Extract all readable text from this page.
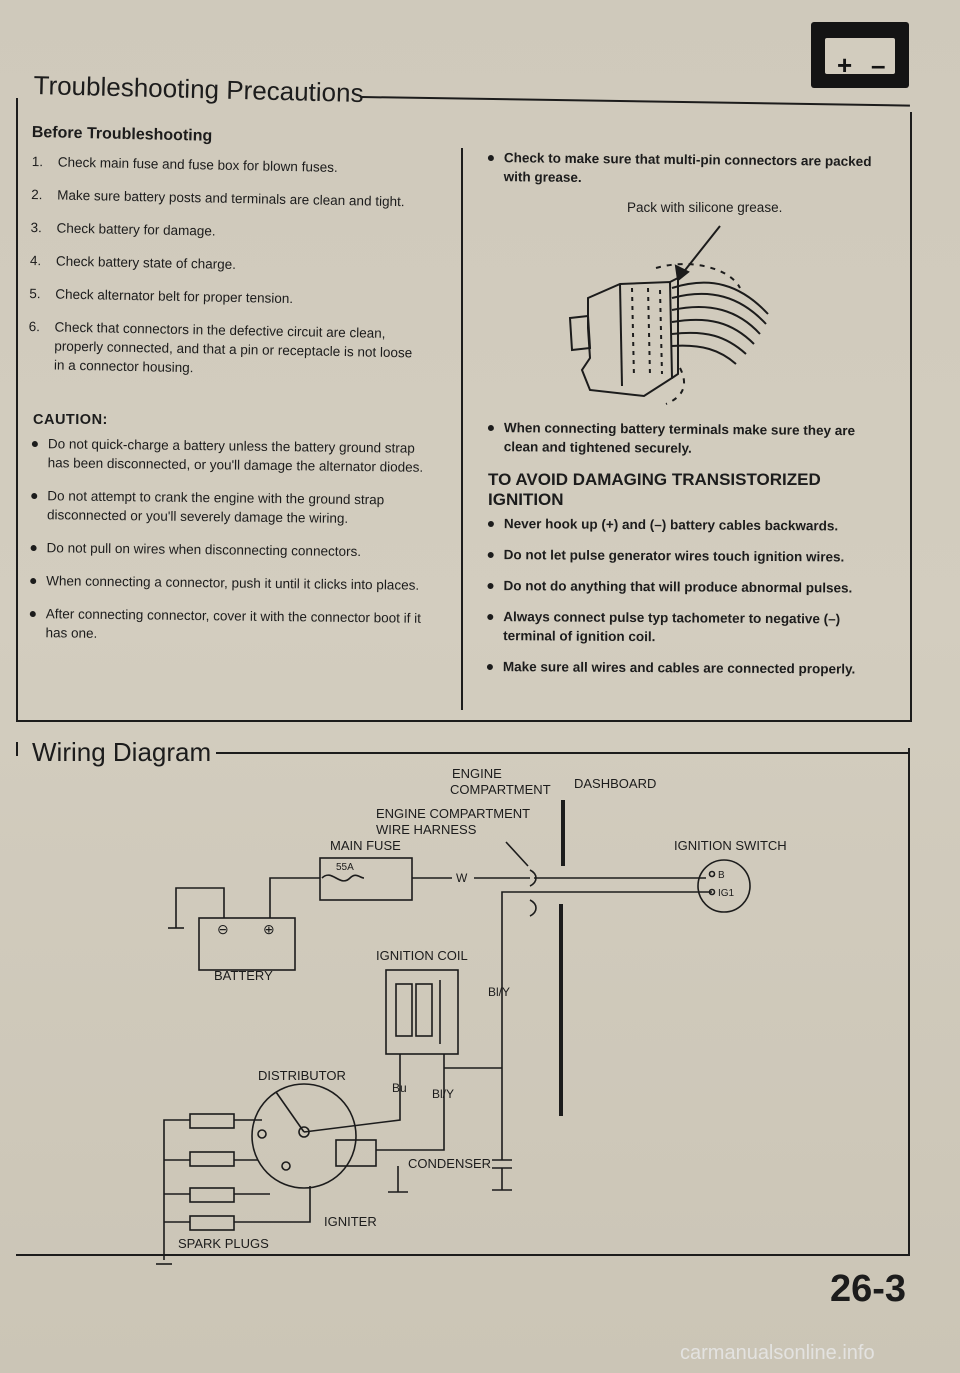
+ –
Troubleshooting Precautions
Before Troubleshooting
1. Check main fuse and fuse box for blown fuses.
2. Make sure battery posts and terminals are clean and tight.
3. Check battery for damage.
4. Check battery state of charge.
5. Check alternator belt for proper tension.
6. Check that connectors in the defective circuit are clean, properly connected, and that a pin or receptacle is not loose in a connector housing.
CAUTION:
Do not quick-charge a battery unless the battery ground strap has been disconnected, or you'll damage the alternator diodes.
Do not attempt to crank the engine with the ground strap disconnected or you'll severely damage the wiring.
Do not pull on wires when disconnecting connectors.
When connecting a connector, push it until it clicks into places.
After connecting connector, cover it with the connector boot if it has one.
Check to make sure that multi-pin connectors are packed with grease.
Pack with silicone grease.
When connecting battery terminals make sure they are clean and tightened securely.
TO AVOID DAMAGING TRANSISTORIZED IGNITION
Never hook up (+) and (–) battery cables backwards.
Do not let pulse generator wires touch ignition wires.
Do not do anything that will produce abnormal pulses.
Always connect pulse typ tachometer to negative (–) terminal of ignition coil.
Make sure all wires and cables are connected properly.
Wiring Diagram
ENGINE
COMPARTMENT DASHBOARD
ENGINE COMPARTMENT
WIRE HARNESS
MAIN FUSE
55A
W
IGNITION SWITCH
B
IG1
⊖ ⊕
BATTERY
IGNITION COIL
Bl/Y
Bu Bl/Y
DISTRIBUTOR
CONDENSER
IGNITER
SPARK PLUGS
26-3
carmanualsonline.info
